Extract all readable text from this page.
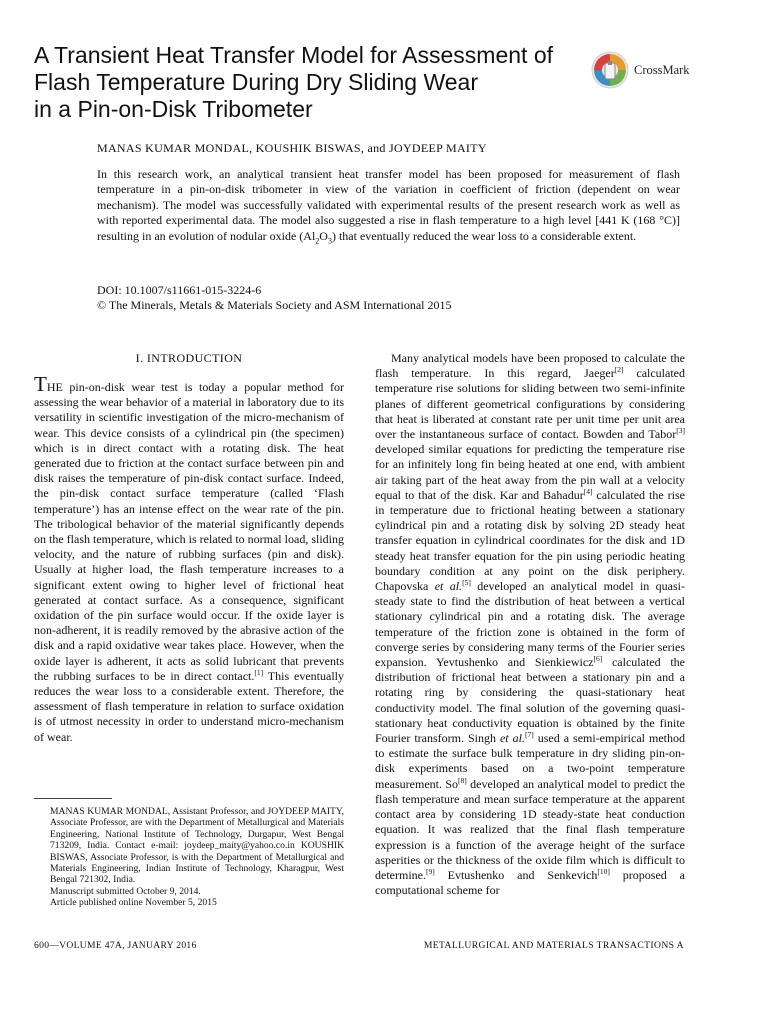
A Transient Heat Transfer Model for Assessment of
Flash Temperature During Dry Sliding Wear
in a Pin-on-Disk Tribometer
CrossMark
MANAS KUMAR MONDAL, KOUSHIK BISWAS, and JOYDEEP MAITY

In this research work, an analytical transient heat transfer model has been proposed for measurement of flash temperature in a pin-on-disk tribometer in view of the variation in coefficient of friction (dependent on wear mechanism). The model was successfully validated with experimental results of the present research work as well as with reported experimental data. The model also suggested a rise in flash temperature to a high level [441 K (168 °C)] resulting in an evolution of nodular oxide $(Al_2O_3)$ that eventually reduced the wear loss to a considerable extent.

DOI: 10.1007/s11661-015-3224-6
© The Minerals, Metals & Materials Society and ASM International 2015
I. INTRODUCTION

THE pin-on-disk wear test is today a popular method for assessing the wear behavior of a material in laboratory due to its versatility in scientific investigation of the micro-mechanism of wear. This device consists of a cylindrical pin (the specimen) which is in direct contact with a rotating disk. The heat generated due to friction at the contact surface between pin and disk raises the temperature of pin-disk contact surface. Indeed, the pin-disk contact surface temperature (called ‘Flash temperature’) has an intense effect on the wear rate of the pin. The tribological behavior of the material significantly depends on the flash temperature, which is related to normal load, sliding velocity, and the nature of rubbing surfaces (pin and disk). Usually at higher load, the flash temperature increases to a significant extent owing to higher level of frictional heat generated at contact surface. As a consequence, significant oxidation of the pin surface would occur. If the oxide layer is non-adherent, it is readily removed by the abrasive action of the disk and a rapid oxidative wear takes place. However, when the oxide layer is adherent, it acts as solid lubricant that prevents the rubbing surfaces to be in direct contact.[1] This eventually reduces the wear loss to a considerable extent. Therefore, the assessment of flash temperature in relation to surface oxidation is of utmost necessity in order to understand micro-mechanism of wear.

Many analytical models have been proposed to calculate the flash temperature. In this regard, Jaeger[2] calculated temperature rise solutions for sliding between two semi-infinite planes of different geometrical configurations by considering that heat is liberated at constant rate per unit time per unit area over the instantaneous surface of contact. Bowden and Tabor[3] developed similar equations for predicting the temperature rise for an infinitely long fin being heated at one end, with ambient air taking part of the heat away from the pin wall at a velocity equal to that of the disk. Kar and Bahadur[4] calculated the rise in temperature due to frictional heating between a stationary cylindrical pin and a rotating disk by solving 2D steady heat transfer equation in cylindrical coordinates for the disk and 1D steady heat transfer equation for the pin using periodic heating boundary condition at any point on the disk periphery. Chapovska et al.[5] developed an analytical model in quasi-steady state to find the distribution of heat between a vertical stationary cylindrical pin and a rotating disk. The average temperature of the friction zone is obtained in the form of converge series by considering many terms of the Fourier series expansion. Yevtushenko and Sienkiewicz[6] calculated the distribution of frictional heat between a stationary pin and a rotating ring by considering the quasi-stationary heat conductivity model. The final solution of the governing quasi-stationary heat conductivity equation is obtained by the finite Fourier transform. Singh et al.[7] used a semi-empirical method to estimate the surface bulk temperature in dry sliding pin-on-disk experiments based on a two-point temperature measurement. So[8] developed an analytical model to predict the flash temperature and mean surface temperature at the apparent contact area by considering 1D steady-state heat conduction equation. It was realized that the final flash temperature expression is a function of the average height of the surface asperities or the thickness of the oxide film which is difficult to determine.[9] Evtushenko and Senkevich[10] proposed a computational scheme for

MANAS KUMAR MONDAL, Assistant Professor, and JOYDEEP MAITY, Associate Professor, are with the Department of Metallurgical and Materials Engineering, National Institute of Technology, Durgapur, West Bengal 713209, India. Contact e-mail: joydeep_maity@yahoo.co.in KOUSHIK BISWAS, Associate Professor, is with the Department of Metallurgical and Materials Engineering, Indian Institute of Technology, Kharagpur, West Bengal 721302, India.

Manuscript submitted October 9, 2014.

Article published online November 5, 2015

600—VOLUME 47A, JANUARY 2016	METALLURGICAL AND MATERIALS TRANSACTIONS A
